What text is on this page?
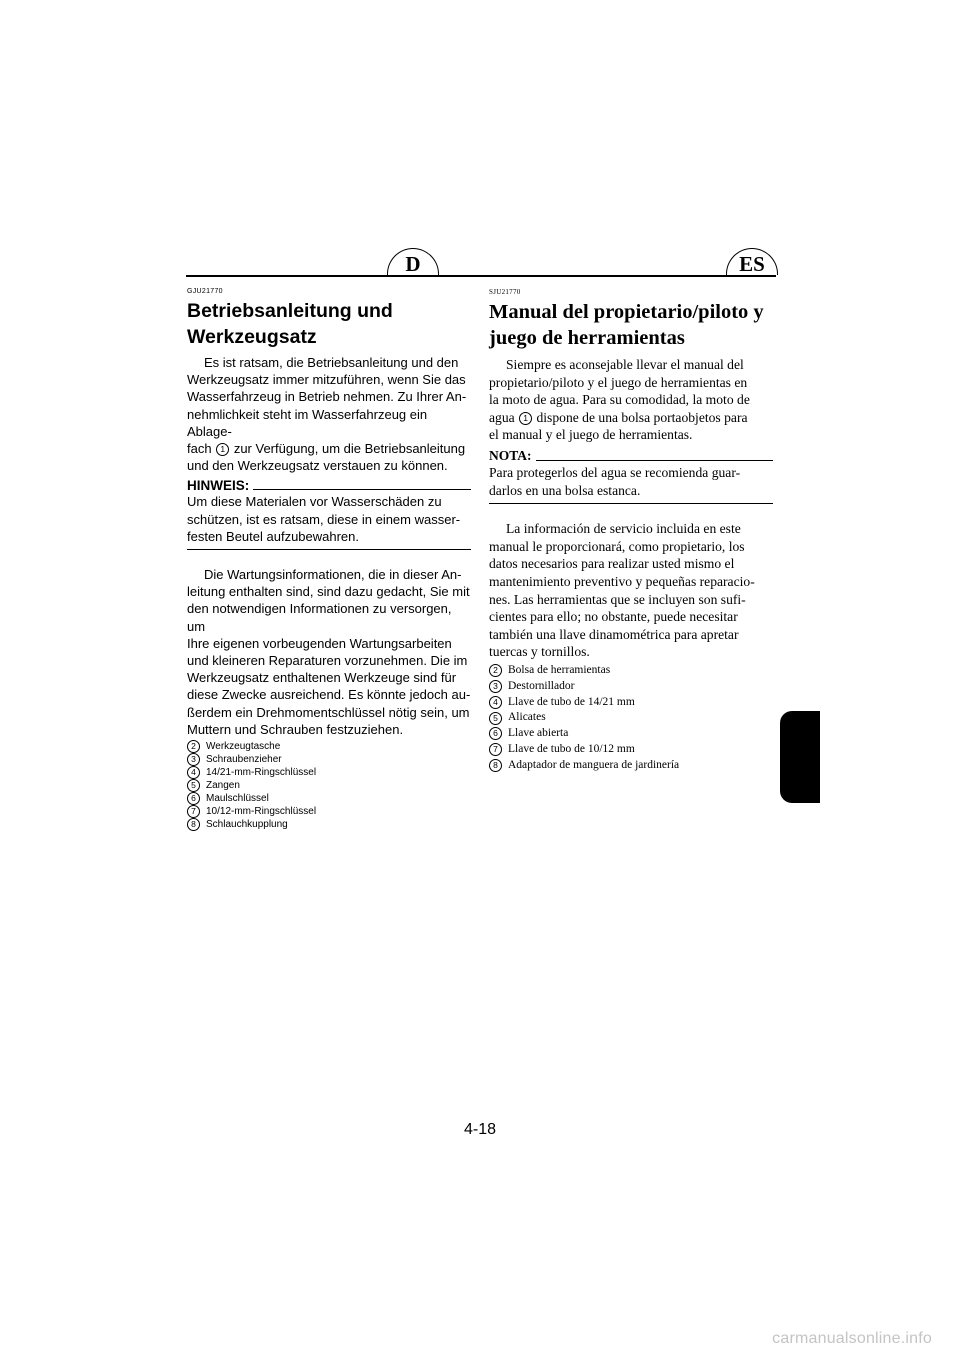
D	ES
GJU21770
Betriebsanleitung und
Werkzeugsatz
Es ist ratsam, die Betriebsanleitung und den
Werkzeugsatz immer mitzuführen, wenn Sie das
Wasserfahrzeug in Betrieb nehmen. Zu Ihrer An-
nehmlichkeit steht im Wasserfahrzeug ein Ablage-
fach 1 zur Verfügung, um die Betriebsanleitung
und den Werkzeugsatz verstauen zu können.
HINWEIS:
Um diese Materialen vor Wasserschäden zu
schützen, ist es ratsam, diese in einem wasser-
festen Beutel aufzubewahren.
Die Wartungsinformationen, die in dieser An-
leitung enthalten sind, sind dazu gedacht, Sie mit
den notwendigen Informationen zu versorgen, um
Ihre eigenen vorbeugenden Wartungsarbeiten
und kleineren Reparaturen vorzunehmen. Die im
Werkzeugsatz enthaltenen Werkzeuge sind für
diese Zwecke ausreichend. Es könnte jedoch au-
ßerdem ein Drehmomentschlüssel nötig sein, um
Muttern und Schrauben festzuziehen.
2	Werkzeugtasche
3	Schraubenzieher
4	14/21-mm-Ringschlüssel
5	Zangen
6	Maulschlüssel
7	10/12-mm-Ringschlüssel
8	Schlauchkupplung
SJU21770
Manual del propietario/piloto y
juego de herramientas
Siempre es aconsejable llevar el manual del
propietario/piloto y el juego de herramientas en
la moto de agua. Para su comodidad, la moto de
agua 1 dispone de una bolsa portaobjetos para
el manual y el juego de herramientas.
NOTA:
Para protegerlos del agua se recomienda guar-
darlos en una bolsa estanca.
La información de servicio incluida en este
manual le proporcionará, como propietario, los
datos necesarios para realizar usted mismo el
mantenimiento preventivo y pequeñas reparacio-
nes. Las herramientas que se incluyen son sufi-
cientes para ello; no obstante, puede necesitar
también una llave dinamométrica para apretar
tuercas y tornillos.
2 Bolsa de herramientas
3 Destornillador
4 Llave de tubo de 14/21 mm
5 Alicates
6 Llave abierta
7 Llave de tubo de 10/12 mm
8 Adaptador de manguera de jardinería
4-18
carmanualsonline.info
